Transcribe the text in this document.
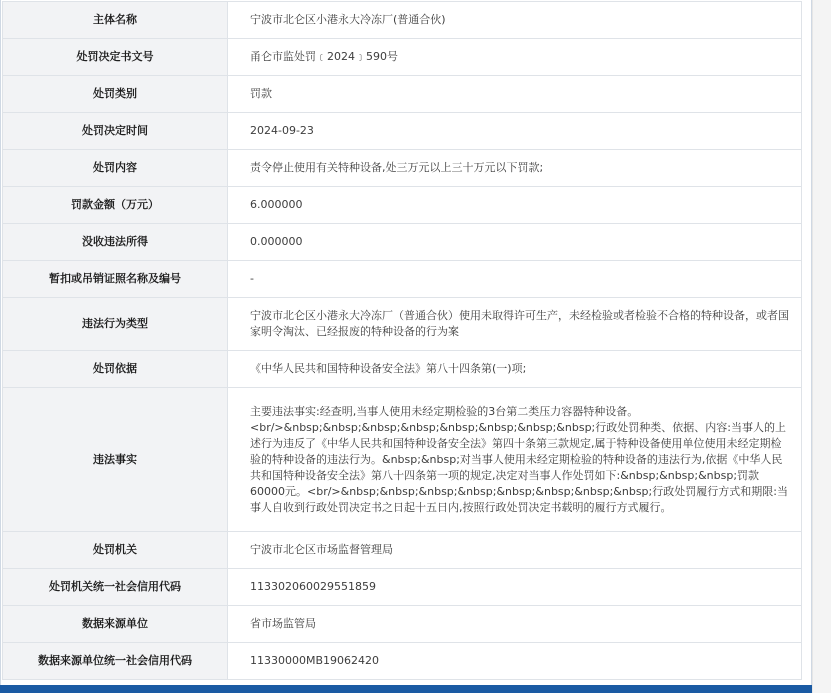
主体名称	宁波市北仑区小港永大冷冻厂(普通合伙)
处罚决定书文号	甬仑市监处罚﹝2024﹞590号
处罚类别	罚款
处罚决定时间	2024-09-23
处罚内容	责令停止使用有关特种设备,处三万元以上三十万元以下罚款;
罚款金额（万元）	6.000000
没收违法所得	0.000000
暂扣或吊销证照名称及编号	-
违法行为类型	宁波市北仑区小港永大冷冻厂（普通合伙）使用未取得许可生产，未经检验或者检验不合格的特种设备，或者国家明令淘汰、已经报废的特种设备的行为案
处罚依据	《中华人民共和国特种设备安全法》第八十四条第(一)项;
违法事实	主要违法事实:经查明,当事人使用未经定期检验的3台第二类压力容器特种设备。<br/>&nbsp;&nbsp;&nbsp;&nbsp;&nbsp;&nbsp;&nbsp;&nbsp;行政处罚种类、依据、内容:当事人的上述行为违反了《中华人民共和国特种设备安全法》第四十条第三款规定,属于特种设备使用单位使用未经定期检验的特种设备的违法行为。&nbsp;&nbsp;对当事人使用未经定期检验的特种设备的违法行为,依据《中华人民共和国特种设备安全法》第八十四条第一项的规定,决定对当事人作处罚如下:&nbsp;&nbsp;&nbsp;罚款60000元。<br/>&nbsp;&nbsp;&nbsp;&nbsp;&nbsp;&nbsp;&nbsp;&nbsp;行政处罚履行方式和期限:当事人自收到行政处罚决定书之日起十五日内,按照行政处罚决定书载明的履行方式履行。
处罚机关	宁波市北仑区市场监督管理局
处罚机关统一社会信用代码	113302060029551859
数据来源单位	省市场监管局
数据来源单位统一社会信用代码	11330000MB19062420
